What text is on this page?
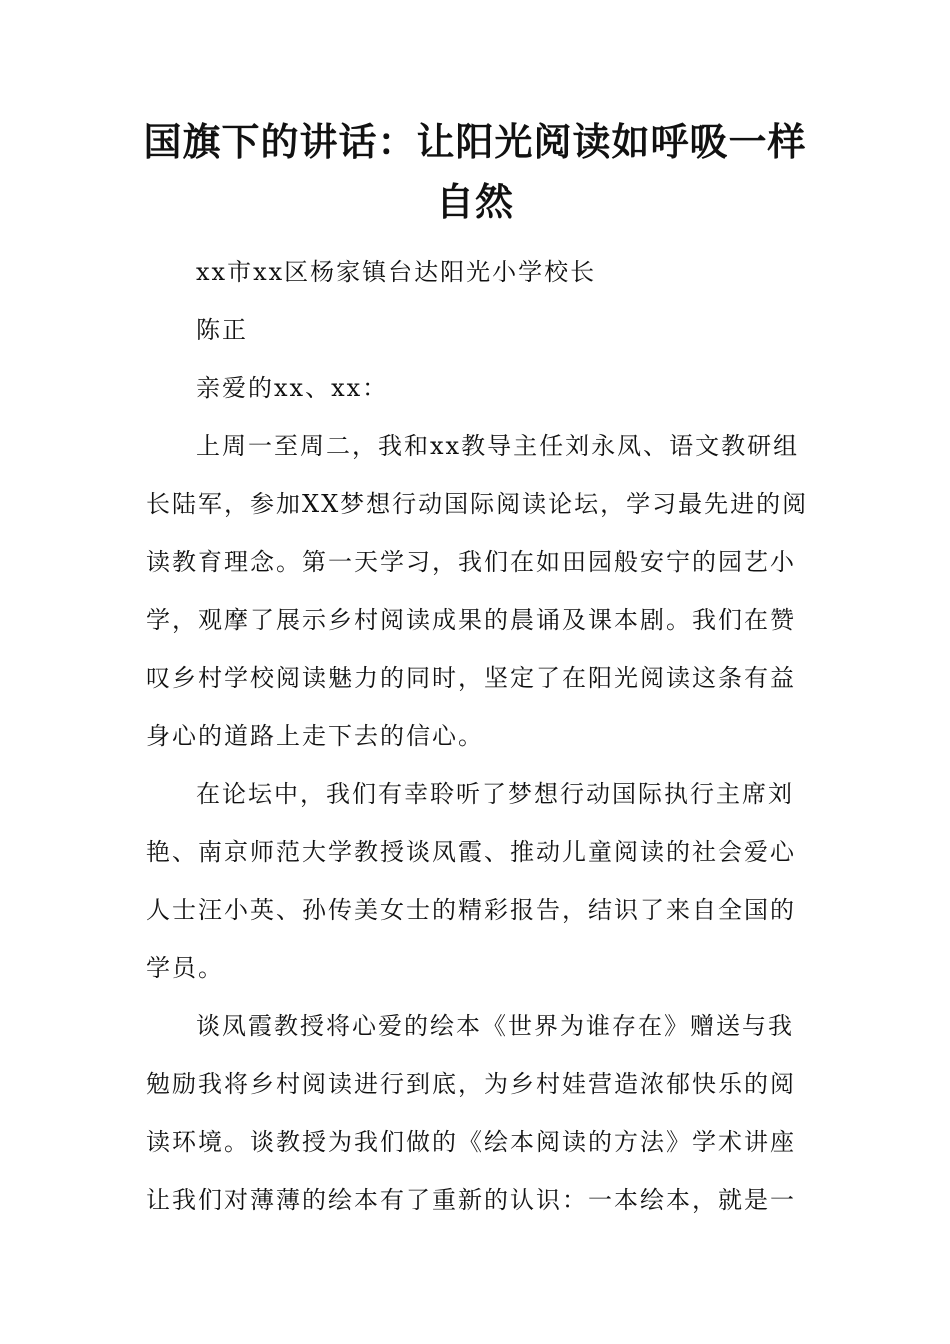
国旗下的讲话：让阳光阅读如呼吸一样
自然
xx市xx区杨家镇台达阳光小学校长
陈正
亲爱的xx、xx：
上周一至周二，我和xx教导主任刘永凤、语文教研组
长陆军，参加XX梦想行动国际阅读论坛，学习最先进的阅
读教育理念。第一天学习，我们在如田园般安宁的园艺小
学，观摩了展示乡村阅读成果的晨诵及课本剧。我们在赞
叹乡村学校阅读魅力的同时，坚定了在阳光阅读这条有益
身心的道路上走下去的信心。
在论坛中，我们有幸聆听了梦想行动国际执行主席刘
艳、南京师范大学教授谈凤霞、推动儿童阅读的社会爱心
人士汪小英、孙传美女士的精彩报告，结识了来自全国的
学员。
谈凤霞教授将心爱的绘本《世界为谁存在》赠送与我
勉励我将乡村阅读进行到底，为乡村娃营造浓郁快乐的阅
读环境。谈教授为我们做的《绘本阅读的方法》学术讲座
让我们对薄薄的绘本有了重新的认识：一本绘本，就是一
